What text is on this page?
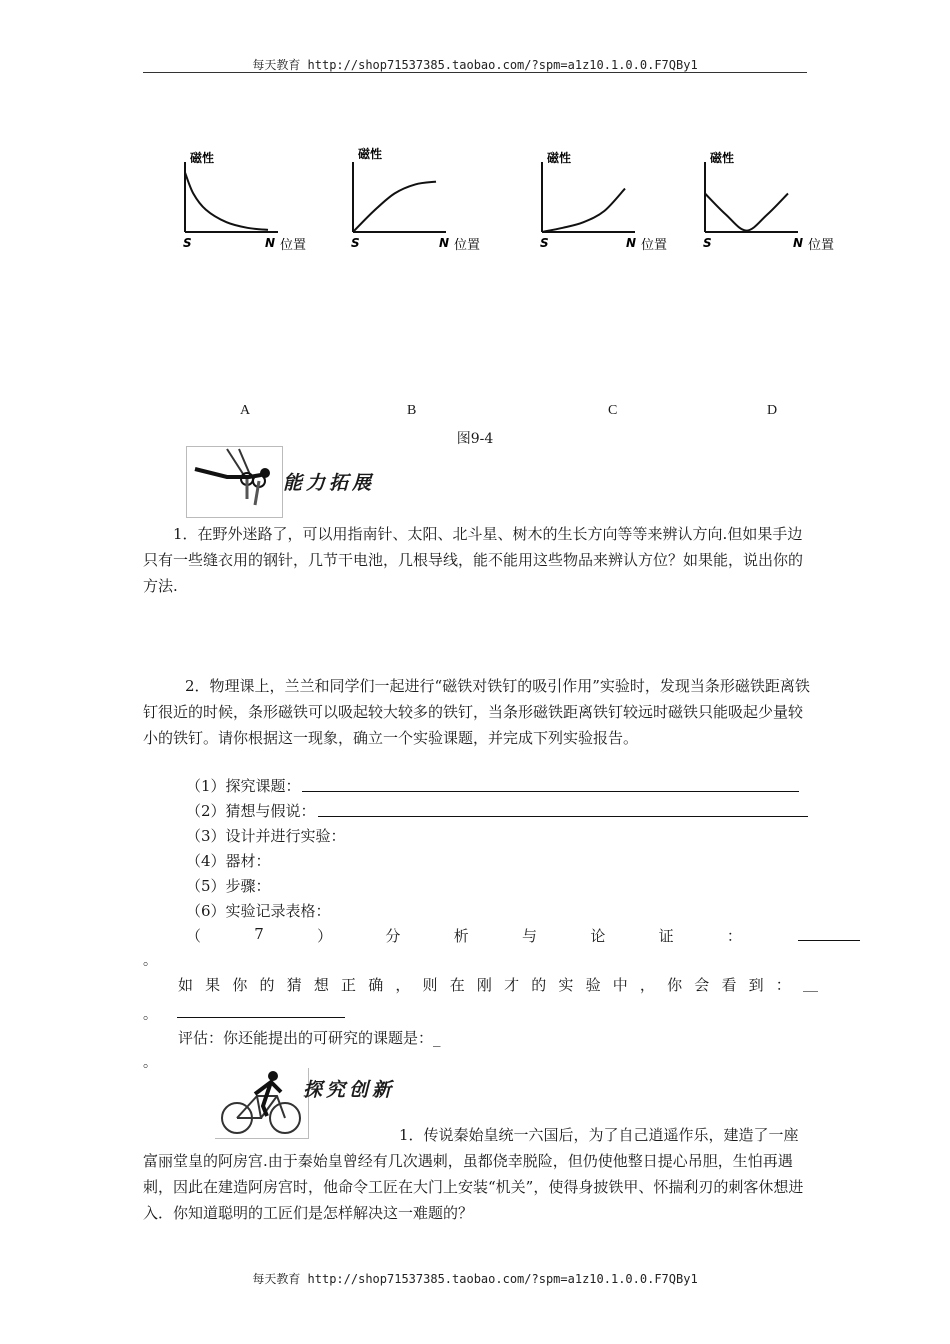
每天教育 http://shop71537385.taobao.com/?spm=a1z10.1.0.0.F7QBy1
磁性
S	N 位置
磁性
S	N 位置
磁性
S	N 位置
磁性
S	N 位置
A	B	C	D
图9-4
能力拓展
1．在野外迷路了，可以用指南针、太阳、北斗星、树木的生长方向等等来辨认方向.但如果手边只有一些缝衣用的钢针，几节干电池，几根导线，能不能用这些物品来辨认方位？如果能，说出你的方法.
2．物理课上，兰兰和同学们一起进行“磁铁对铁钉的吸引作用”实验时，发现当条形磁铁距离铁钉很近的时候，条形磁铁可以吸起较大较多的铁钉，当条形磁铁距离铁钉较远时磁铁只能吸起少量较小的铁钉。请你根据这一现象，确立一个实验课题，并完成下列实验报告。
（1）探究课题：
（2）猜想与假说：
（3）设计并进行实验：
（4）器材：
（5）步骤：
（6）实验记录表格：
（	7	）	分	析	与	论	证	：
。
如 果 你 的 猜 想 正 确 ， 则 在 刚 才 的 实 验 中 ， 你 会 看 到 ： __
。
评估：你还能提出的可研究的课题是：_
。
探究创新
1．传说秦始皇统一六国后，为了自己逍遥作乐，建造了一座富丽堂皇的阿房宫.由于秦始皇曾经有几次遇刺，虽都侥幸脱险，但仍使他整日提心吊胆，生怕再遇刺，因此在建造阿房宫时，他命令工匠在大门上安装“机关”，使得身披铁甲、怀揣利刃的刺客休想进入．你知道聪明的工匠们是怎样解决这一难题的？
每天教育 http://shop71537385.taobao.com/?spm=a1z10.1.0.0.F7QBy1
